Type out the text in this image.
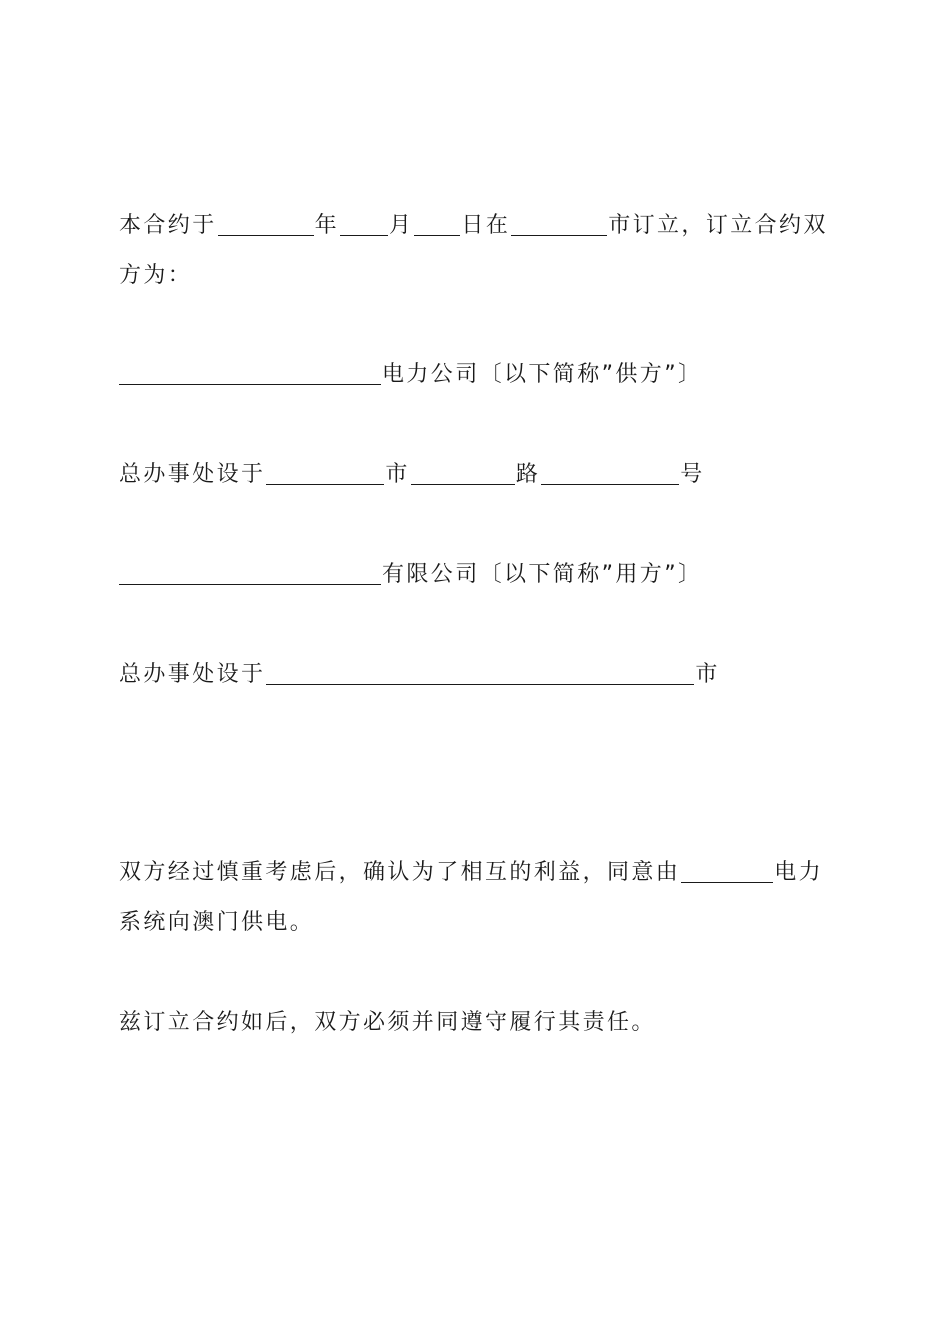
本合约于	年 月 日在	市订立，订立合约双
方为：
电力公司〔以下简称”供方”〕
总办事处设于	市	路	号
有限公司〔以下简称”用方”〕
总办事处设于	市
双方经过慎重考虑后，确认为了相互的利益，同意由	电力
系统向澳门供电。
兹订立合约如后，双方必须并同遵守履行其责任。
